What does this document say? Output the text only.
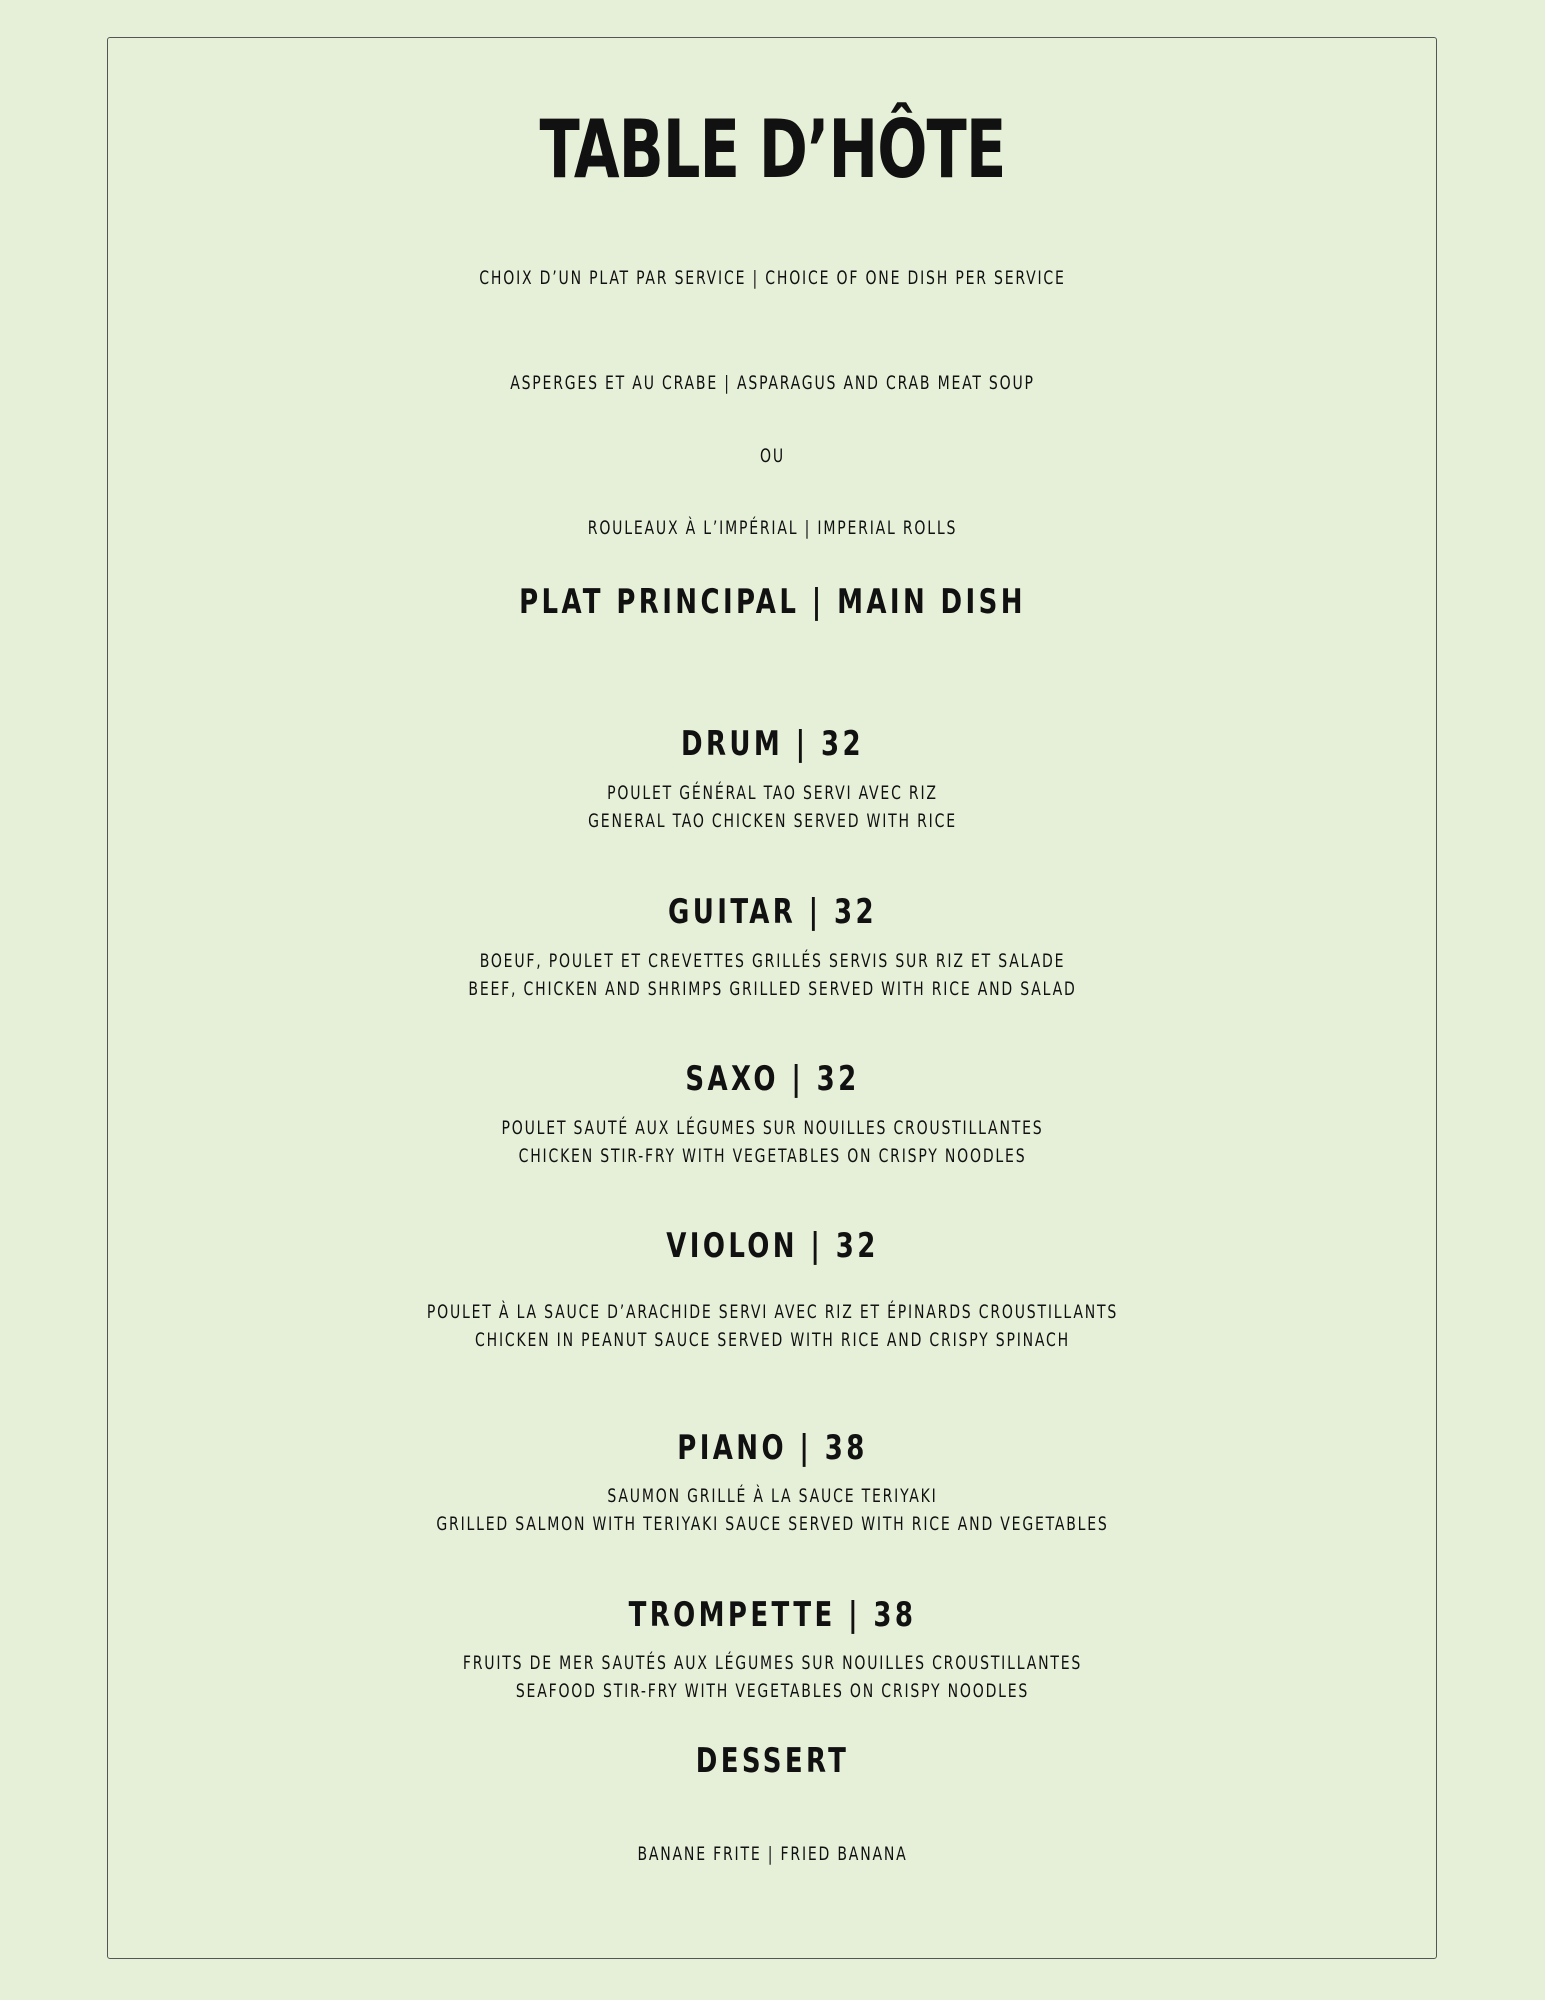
TABLE D’HÔTE
CHOIX D’UN PLAT PAR SERVICE | CHOICE OF ONE DISH PER SERVICE
ASPERGES ET AU CRABE | ASPARAGUS AND CRAB MEAT SOUP
OU
ROULEAUX À L’IMPÉRIAL | IMPERIAL ROLLS
PLAT PRINCIPAL | MAIN DISH
DRUM | 32
POULET GÉNÉRAL TAO SERVI AVEC RIZ
GENERAL TAO CHICKEN SERVED WITH RICE
GUITAR | 32
BOEUF, POULET ET CREVETTES GRILLÉS SERVIS SUR RIZ ET SALADE
BEEF, CHICKEN AND SHRIMPS GRILLED SERVED WITH RICE AND SALAD
SAXO | 32
POULET SAUTÉ AUX LÉGUMES SUR NOUILLES CROUSTILLANTES
CHICKEN STIR-FRY WITH VEGETABLES ON CRISPY NOODLES
VIOLON | 32
POULET À LA SAUCE D’ARACHIDE SERVI AVEC RIZ ET ÉPINARDS CROUSTILLANTS
CHICKEN IN PEANUT SAUCE SERVED WITH RICE AND CRISPY SPINACH
PIANO | 38
SAUMON GRILLÉ À LA SAUCE TERIYAKI
GRILLED SALMON WITH TERIYAKI SAUCE SERVED WITH RICE AND VEGETABLES
TROMPETTE | 38
FRUITS DE MER SAUTÉS AUX LÉGUMES SUR NOUILLES CROUSTILLANTES
SEAFOOD STIR-FRY WITH VEGETABLES ON CRISPY NOODLES
DESSERT
BANANE FRITE | FRIED BANANA
